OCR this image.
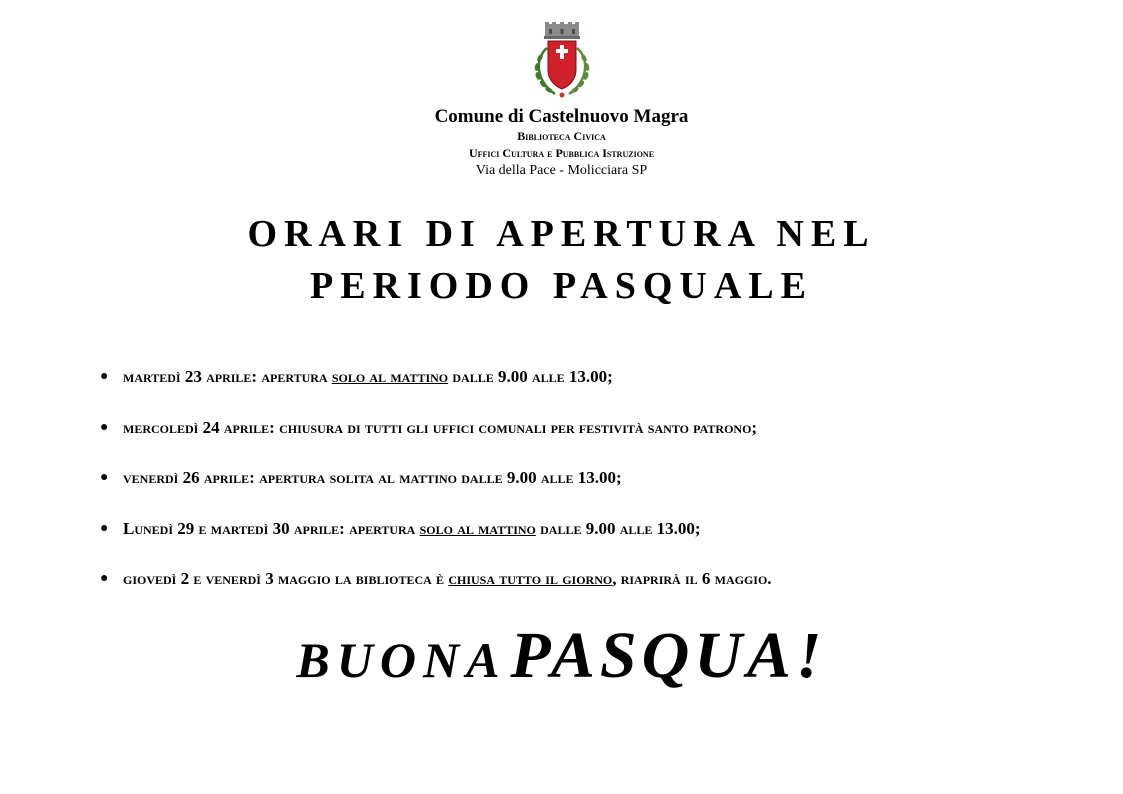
Comune di Castelnuovo Magra
Biblioteca Civica
Uffici Cultura e Pubblica Istruzione
Via della Pace - Molicciara SP
ORARI DI APERTURA NEL
PERIODO PASQUALE
● martedì 23 aprile: apertura solo al mattino dalle 9.00 alle 13.00;
● mercoledì 24 aprile: chiusura di tutti gli uffici comunali per festività santo patrono;
● venerdì 26 aprile: apertura solita al mattino dalle 9.00 alle 13.00;
● Lunedì 29 e martedì 30 aprile: apertura solo al mattino dalle 9.00 alle 13.00;
● giovedì 2 e venerdì 3 maggio la biblioteca è chiusa tutto il giorno, riaprirà il 6 maggio.
BUONA PASQUA!
